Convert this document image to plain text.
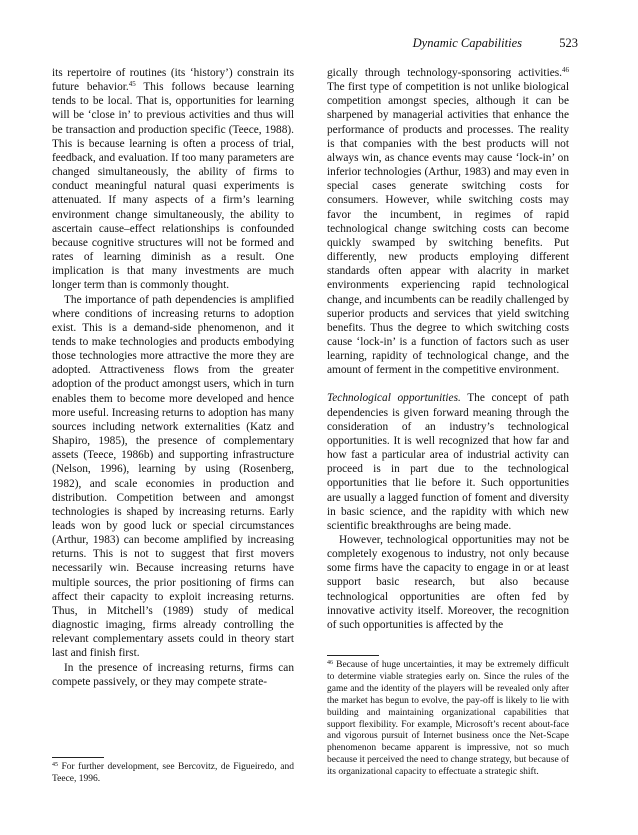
Dynamic Capabilities	523

its repertoire of routines (its ‘history’) constrain its future behavior.$^{45}$ This follows because learning tends to be local. That is, opportunities for learning will be ‘close in’ to previous activities and thus will be transaction and production specific (Teece, 1988). This is because learning is often a process of trial, feedback, and evaluation. If too many parameters are changed simultaneously, the ability of firms to conduct meaningful natural quasi experiments is attenuated. If many aspects of a firm’s learning environment change simultaneously, the ability to ascertain cause–effect relationships is confounded because cognitive structures will not be formed and rates of learning diminish as a result. One implication is that many investments are much longer term than is commonly thought.

The importance of path dependencies is amplified where conditions of increasing returns to adoption exist. This is a demand-side phenomenon, and it tends to make technologies and products embodying those technologies more attractive the more they are adopted. Attractiveness flows from the greater adoption of the product amongst users, which in turn enables them to become more developed and hence more useful. Increasing returns to adoption has many sources including network externalities (Katz and Shapiro, 1985), the presence of complementary assets (Teece, 1986b) and supporting infrastructure (Nelson, 1996), learning by using (Rosenberg, 1982), and scale economies in production and distribution. Competition between and amongst technologies is shaped by increasing returns. Early leads won by good luck or special circumstances (Arthur, 1983) can become amplified by increasing returns. This is not to suggest that first movers necessarily win. Because increasing returns have multiple sources, the prior positioning of firms can affect their capacity to exploit increasing returns. Thus, in Mitchell’s (1989) study of medical diagnostic imaging, firms already controlling the relevant complementary assets could in theory start last and finish first.

In the presence of increasing returns, firms can compete passively, or they may compete strate-

$^{45}$ For further development, see Bercovitz, de Figueiredo, and Teece, 1996.

gically through technology-sponsoring activities.$^{46}$ The first type of competition is not unlike biological competition amongst species, although it can be sharpened by managerial activities that enhance the performance of products and processes. The reality is that companies with the best products will not always win, as chance events may cause ‘lock-in’ on inferior technologies (Arthur, 1983) and may even in special cases generate switching costs for consumers. However, while switching costs may favor the incumbent, in regimes of rapid technological change switching costs can become quickly swamped by switching benefits. Put differently, new products employing different standards often appear with alacrity in market environments experiencing rapid technological change, and incumbents can be readily challenged by superior products and services that yield switching benefits. Thus the degree to which switching costs cause ‘lock-in’ is a function of factors such as user learning, rapidity of technological change, and the amount of ferment in the competitive environment.

Technological opportunities. The concept of path dependencies is given forward meaning through the consideration of an industry’s technological opportunities. It is well recognized that how far and how fast a particular area of industrial activity can proceed is in part due to the technological opportunities that lie before it. Such opportunities are usually a lagged function of foment and diversity in basic science, and the rapidity with which new scientific breakthroughs are being made.

However, technological opportunities may not be completely exogenous to industry, not only because some firms have the capacity to engage in or at least support basic research, but also because technological opportunities are often fed by innovative activity itself. Moreover, the recognition of such opportunities is affected by the

$^{46}$ Because of huge uncertainties, it may be extremely difficult to determine viable strategies early on. Since the rules of the game and the identity of the players will be revealed only after the market has begun to evolve, the pay-off is likely to lie with building and maintaining organizational capabilities that support flexibility. For example, Microsoft’s recent about-face and vigorous pursuit of Internet business once the Net-Scape phenomenon became apparent is impressive, not so much because it perceived the need to change strategy, but because of its organizational capacity to effectuate a strategic shift.
